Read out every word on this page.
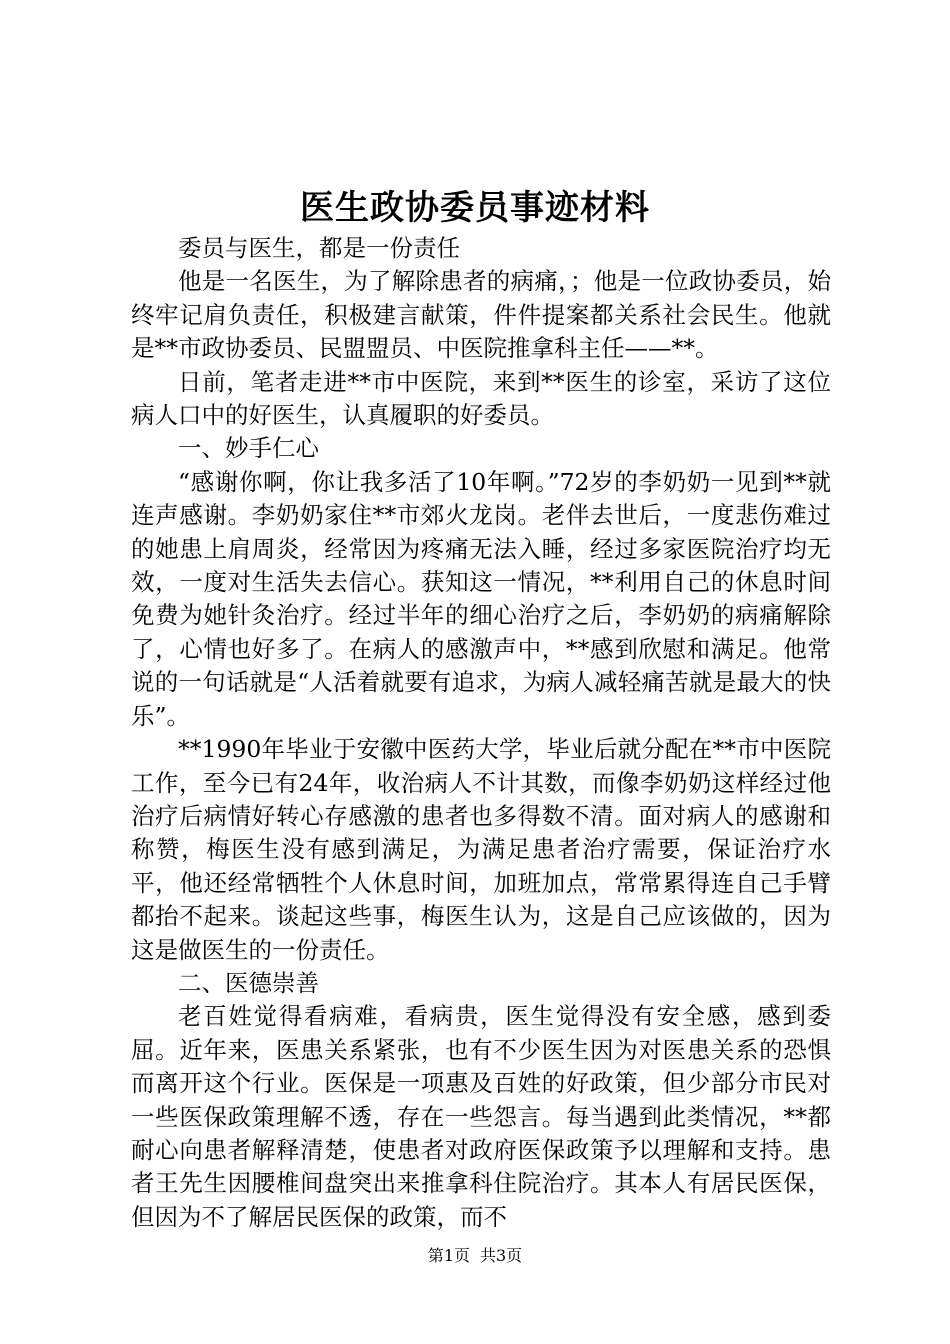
医生政协委员事迹材料

委员与医生，都是一份责任

他是一名医生，为了解除患者的病痛，；他是一位政协委员，始终牢记肩负责任，积极建言献策，件件提案都关系社会民生。他就是**市政协委员、民盟盟员、中医院推拿科主任——**。

日前，笔者走进**市中医院，来到**医生的诊室，采访了这位病人口中的好医生，认真履职的好委员。

一、妙手仁心

“感谢你啊，你让我多活了10年啊。”72岁的李奶奶一见到**就连声感谢。李奶奶家住**市郊火龙岗。老伴去世后，一度悲伤难过的她患上肩周炎，经常因为疼痛无法入睡，经过多家医院治疗均无效，一度对生活失去信心。获知这一情况，**利用自己的休息时间免费为她针灸治疗。经过半年的细心治疗之后，李奶奶的病痛解除了，心情也好多了。在病人的感激声中，**感到欣慰和满足。他常说的一句话就是“人活着就要有追求，为病人减轻痛苦就是最大的快乐”。

**1990年毕业于安徽中医药大学，毕业后就分配在**市中医院工作，至今已有24年，收治病人不计其数，而像李奶奶这样经过他治疗后病情好转心存感激的患者也多得数不清。面对病人的感谢和称赞，梅医生没有感到满足，为满足患者治疗需要，保证治疗水平，他还经常牺牲个人休息时间，加班加点，常常累得连自己手臂都抬不起来。谈起这些事，梅医生认为，这是自己应该做的，因为这是做医生的一份责任。

二、医德崇善

老百姓觉得看病难，看病贵，医生觉得没有安全感，感到委屈。近年来，医患关系紧张，也有不少医生因为对医患关系的恐惧而离开这个行业。医保是一项惠及百姓的好政策，但少部分市民对一些医保政策理解不透，存在一些怨言。每当遇到此类情况，**都耐心向患者解释清楚，使患者对政府医保政策予以理解和支持。患者王先生因腰椎间盘突出来推拿科住院治疗。其本人有居民医保，但因为不了解居民医保的政策，而不

第1页 共3页
